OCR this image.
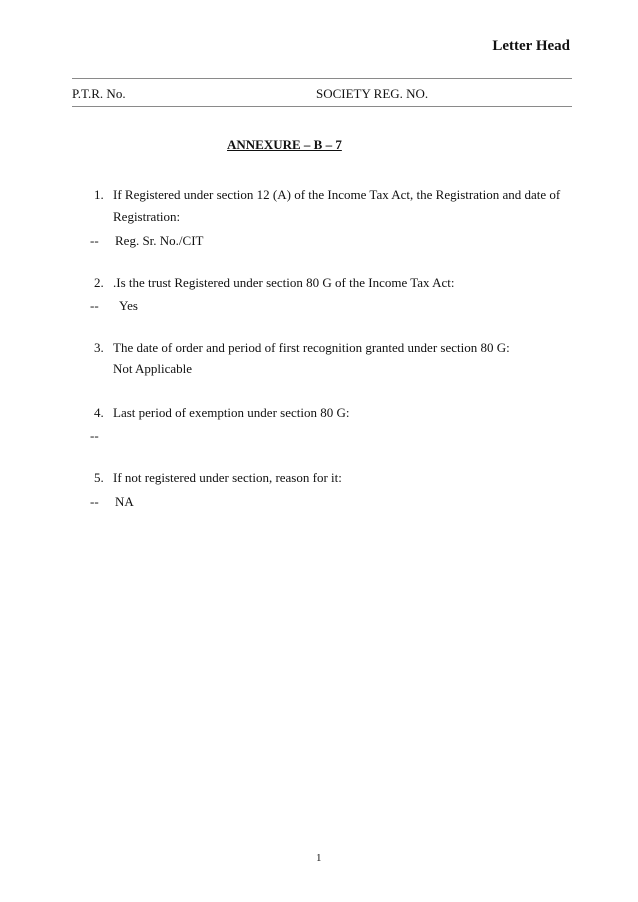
Letter Head
P.T.R. No.	SOCIETY REG. NO.
ANNEXURE – B – 7
1. If Registered under section 12 (A) of the Income Tax Act, the Registration and date of
Registration:
-- Reg. Sr. No./CIT
2. .Is the trust Registered under section 80 G of the Income Tax Act:
-- Yes
3. The date of order and period of first recognition granted under section 80 G:
Not Applicable
4. Last period of exemption under section 80 G:
--
5. If not registered under section, reason for it:
-- NA
1
